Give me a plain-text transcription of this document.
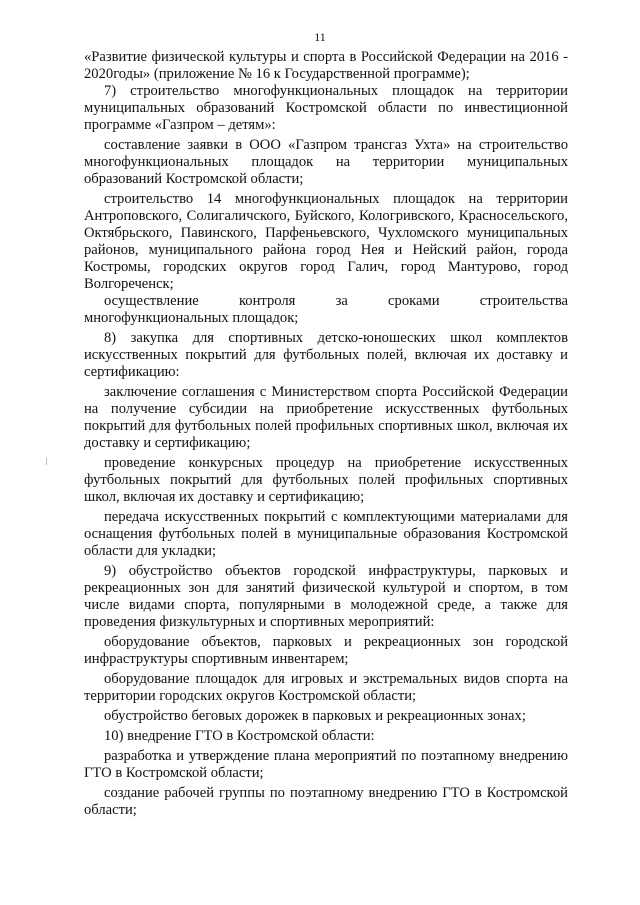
11

«Развитие физической культуры и спорта в Российской Федерации на 2016 - 2020годы» (приложение № 16 к Государственной программе);

7) строительство многофункциональных площадок на территории муниципальных образований Костромской области по инвестиционной программе «Газпром – детям»:

составление заявки в ООО «Газпром трансгаз Ухта» на строительство многофункциональных площадок на территории муниципальных образований Костромской области;

строительство 14 многофункциональных площадок на территории Антроповского, Солигаличского, Буйского, Кологривского, Красносельского, Октябрьского, Павинского, Парфеньевского, Чухломского муниципальных районов, муниципального района город Нея и Нейский район, города Костромы, городских округов город Галич, город Мантурово, город Волгореченск;

осуществление контроля за сроками строительства многофункциональных площадок;

8) закупка для спортивных детско-юношеских школ комплектов искусственных покрытий для футбольных полей, включая их доставку и сертификацию:

заключение соглашения с Министерством спорта Российской Федерации на получение субсидии на приобретение искусственных футбольных покрытий для футбольных полей профильных спортивных школ, включая их доставку и сертификацию;

проведение конкурсных процедур на приобретение искусственных футбольных покрытий для футбольных полей профильных спортивных школ, включая их доставку и сертификацию;

передача искусственных покрытий с комплектующими материалами для оснащения футбольных полей в муниципальные образования Костромской области для укладки;

9) обустройство объектов городской инфраструктуры, парковых и рекреационных зон для занятий физической культурой и спортом, в том числе видами спорта, популярными в молодежной среде, а также для проведения физкультурных и спортивных мероприятий:

оборудование объектов, парковых и рекреационных зон городской инфраструктуры спортивным инвентарем;

оборудование площадок для игровых и экстремальных видов спорта на территории городских округов Костромской области;

обустройство беговых дорожек в парковых и рекреационных зонах;

10) внедрение ГТО в Костромской области:

разработка и утверждение плана мероприятий по поэтапному внедрению ГТО в Костромской области;

создание рабочей группы по поэтапному внедрению ГТО в Костромской области;
